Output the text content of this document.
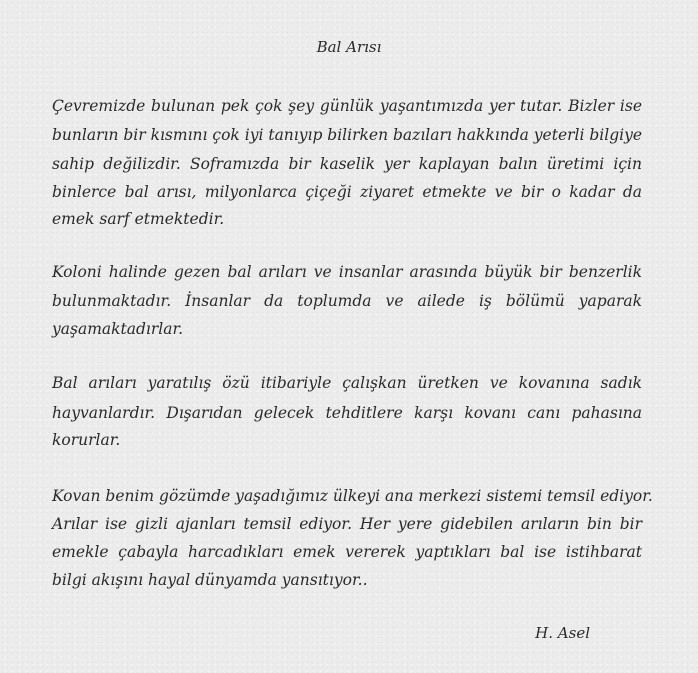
Bal Arısı
Çevremizde bulunan pek çok şey günlük yaşantımızda yer tutar. Bizler ise
bunların bir kısmını çok iyi tanıyıp bilirken bazıları hakkında yeterli bilgiye
sahip değilizdir. Soframızda bir kaselik yer kaplayan balın üretimi için
binlerce bal arısı, milyonlarca çiçeği ziyaret etmekte ve bir o kadar da
emek sarf etmektedir.
Koloni halinde gezen bal arıları ve insanlar arasında büyük bir benzerlik
bulunmaktadır. İnsanlar da toplumda ve ailede iş bölümü yaparak
yaşamaktadırlar.
Bal arıları yaratılış özü itibariyle çalışkan üretken ve kovanına sadık
hayvanlardır. Dışarıdan gelecek tehditlere karşı kovanı canı pahasına
korurlar.
Kovan benim gözümde yaşadığımız ülkeyi ana merkezi sistemi temsil ediyor.
Arılar ise gizli ajanları temsil ediyor. Her yere gidebilen arıların bin bir
emekle çabayla harcadıkları emek vererek yaptıkları bal ise istihbarat
bilgi akışını hayal dünyamda yansıtıyor..
H. Asel
